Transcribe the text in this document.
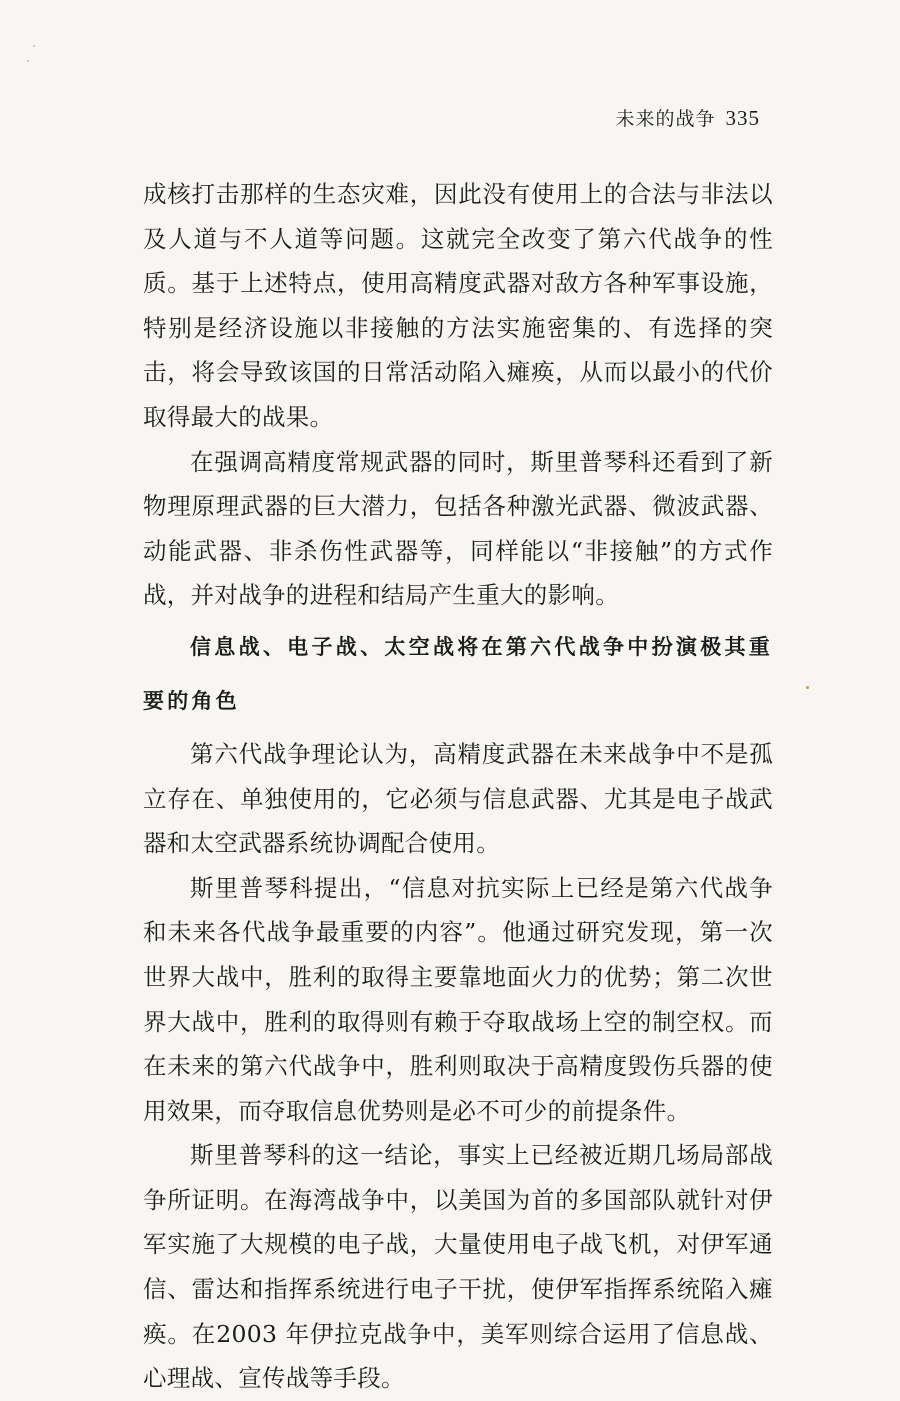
未来的战争 335

成核打击那样的生态灾难，因此没有使用上的合法与非法以及人道与不人道等问题。这就完全改变了第六代战争的性质。基于上述特点，使用高精度武器对敌方各种军事设施，特别是经济设施以非接触的方法实施密集的、有选择的突击，将会导致该国的日常活动陷入瘫痪，从而以最小的代价取得最大的战果。

在强调高精度常规武器的同时，斯里普琴科还看到了新物理原理武器的巨大潜力，包括各种激光武器、微波武器、动能武器、非杀伤性武器等，同样能以“非接触”的方式作战，并对战争的进程和结局产生重大的影响。

信息战、电子战、太空战将在第六代战争中扮演极其重要的角色

第六代战争理论认为，高精度武器在未来战争中不是孤立存在、单独使用的，它必须与信息武器、尤其是电子战武器和太空武器系统协调配合使用。

斯里普琴科提出，“信息对抗实际上已经是第六代战争和未来各代战争最重要的内容”。他通过研究发现，第一次世界大战中，胜利的取得主要靠地面火力的优势；第二次世界大战中，胜利的取得则有赖于夺取战场上空的制空权。而在未来的第六代战争中，胜利则取决于高精度毁伤兵器的使用效果，而夺取信息优势则是必不可少的前提条件。

斯里普琴科的这一结论，事实上已经被近期几场局部战争所证明。在海湾战争中，以美国为首的多国部队就针对伊军实施了大规模的电子战，大量使用电子战飞机，对伊军通信、雷达和指挥系统进行电子干扰，使伊军指挥系统陷入瘫痪。在2003 年伊拉克战争中，美军则综合运用了信息战、心理战、宣传战等手段。
